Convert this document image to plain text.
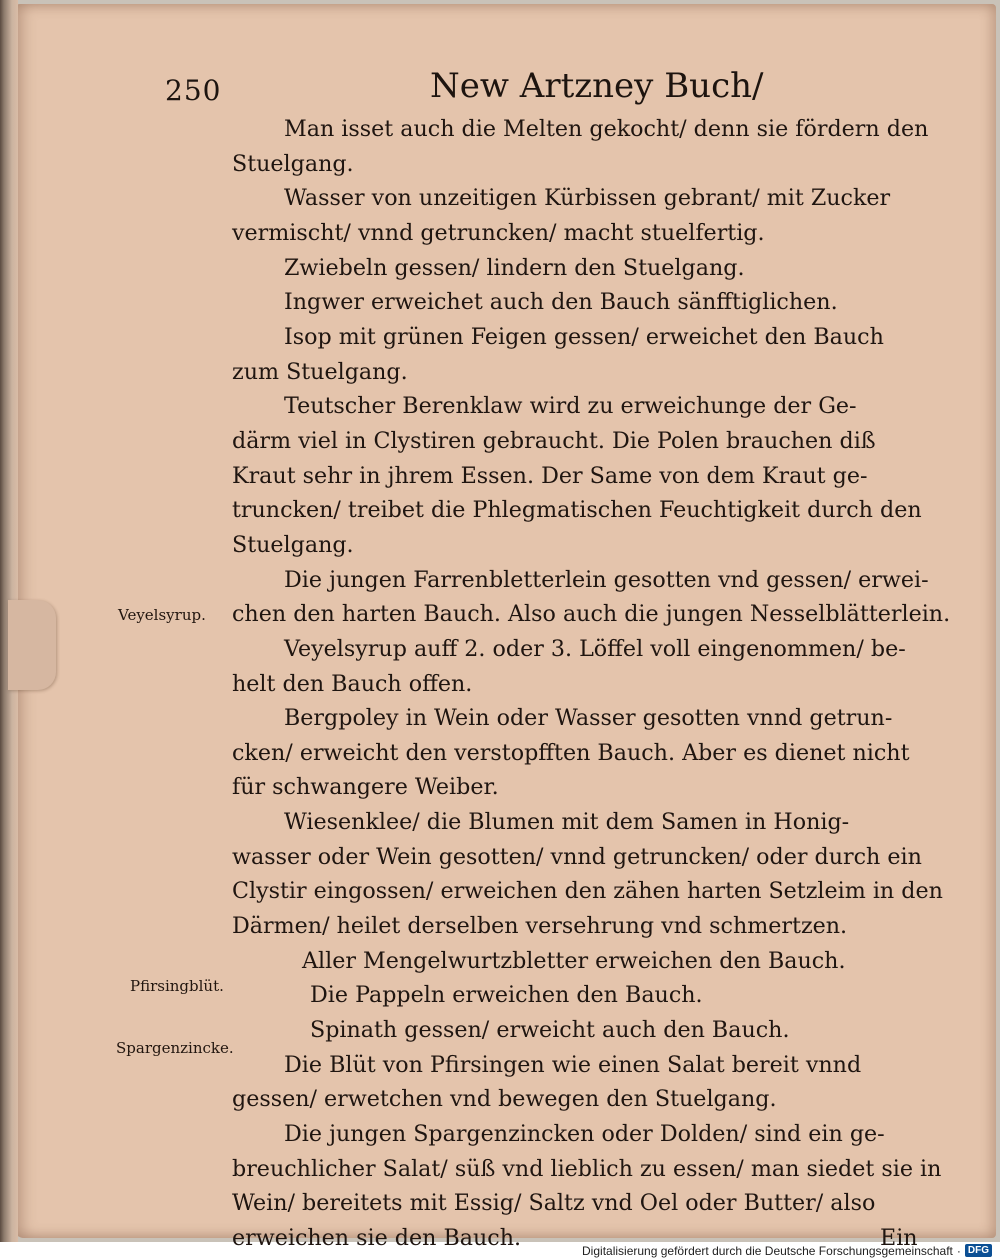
250	New Artzney Buch/
Veyelsyrup.
Pfirsingblüt.
Spargenzincke.
Man isset auch die Melten gekocht/ denn sie fördern den
Stuelgang.
Wasser von unzeitigen Kürbissen gebrant/ mit Zucker
vermischt/ vnnd getruncken/ macht stuelfertig.
Zwiebeln gessen/ lindern den Stuelgang.
Ingwer erweichet auch den Bauch sänfftiglichen.
Isop mit grünen Feigen gessen/ erweichet den Bauch
zum Stuelgang.
Teutscher Berenklaw wird zu erweichunge der Ge-
därm viel in Clystiren gebraucht. Die Polen brauchen diß
Kraut sehr in jhrem Essen. Der Same von dem Kraut ge-
truncken/ treibet die Phlegmatischen Feuchtigkeit durch den
Stuelgang.
Die jungen Farrenbletterlein gesotten vnd gessen/ erwei-
chen den harten Bauch. Also auch die jungen Nesselblätterlein.
Veyelsyrup auff 2. oder 3. Löffel voll eingenommen/ be-
helt den Bauch offen.
Bergpoley in Wein oder Wasser gesotten vnnd getrun-
cken/ erweicht den verstopfften Bauch. Aber es dienet nicht
für schwangere Weiber.
Wiesenklee/ die Blumen mit dem Samen in Honig-
wasser oder Wein gesotten/ vnnd getruncken/ oder durch ein
Clystir eingossen/ erweichen den zähen harten Setzleim in den
Därmen/ heilet derselben versehrung vnd schmertzen.
Aller Mengelwurtzbletter erweichen den Bauch.
Die Pappeln erweichen den Bauch.
Spinath gessen/ erweicht auch den Bauch.
Die Blüt von Pfirsingen wie einen Salat bereit vnnd
gessen/ erwetchen vnd bewegen den Stuelgang.
Die jungen Spargenzincken oder Dolden/ sind ein ge-
breuchlicher Salat/ süß vnd lieblich zu essen/ man siedet sie in
Wein/ bereitets mit Essig/ Saltz vnd Oel oder Butter/ also
erweichen sie den Bauch.	Ein
Digitalisierung gefördert durch die Deutsche Forschungsgemeinschaft · DFG
